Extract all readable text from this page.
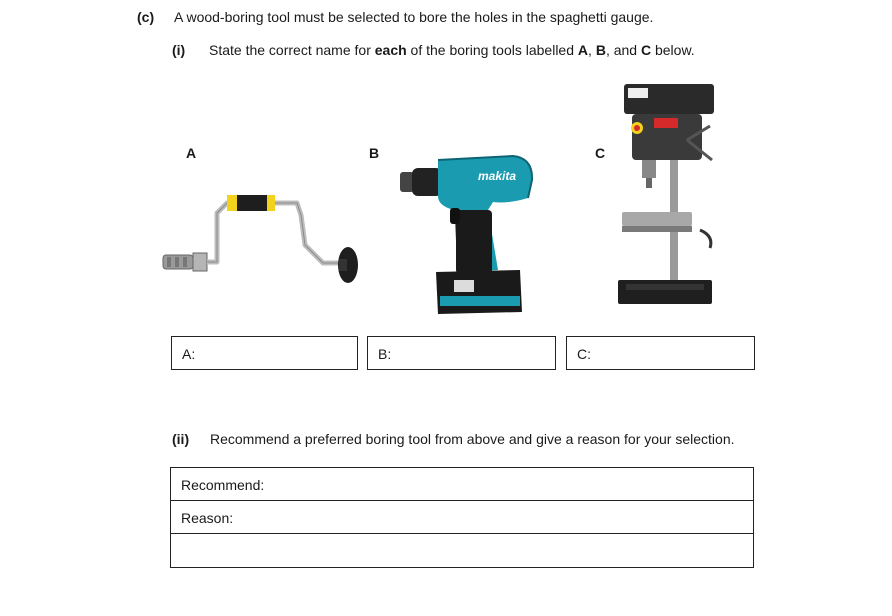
(c) A wood-boring tool must be selected to bore the holes in the spaghetti gauge.
(i) State the correct name for each of the boring tools labelled A, B, and C below.
A	B	C
makita
A:	B:	C:
(ii) Recommend a preferred boring tool from above and give a reason for your selection.
Recommend:
Reason:
